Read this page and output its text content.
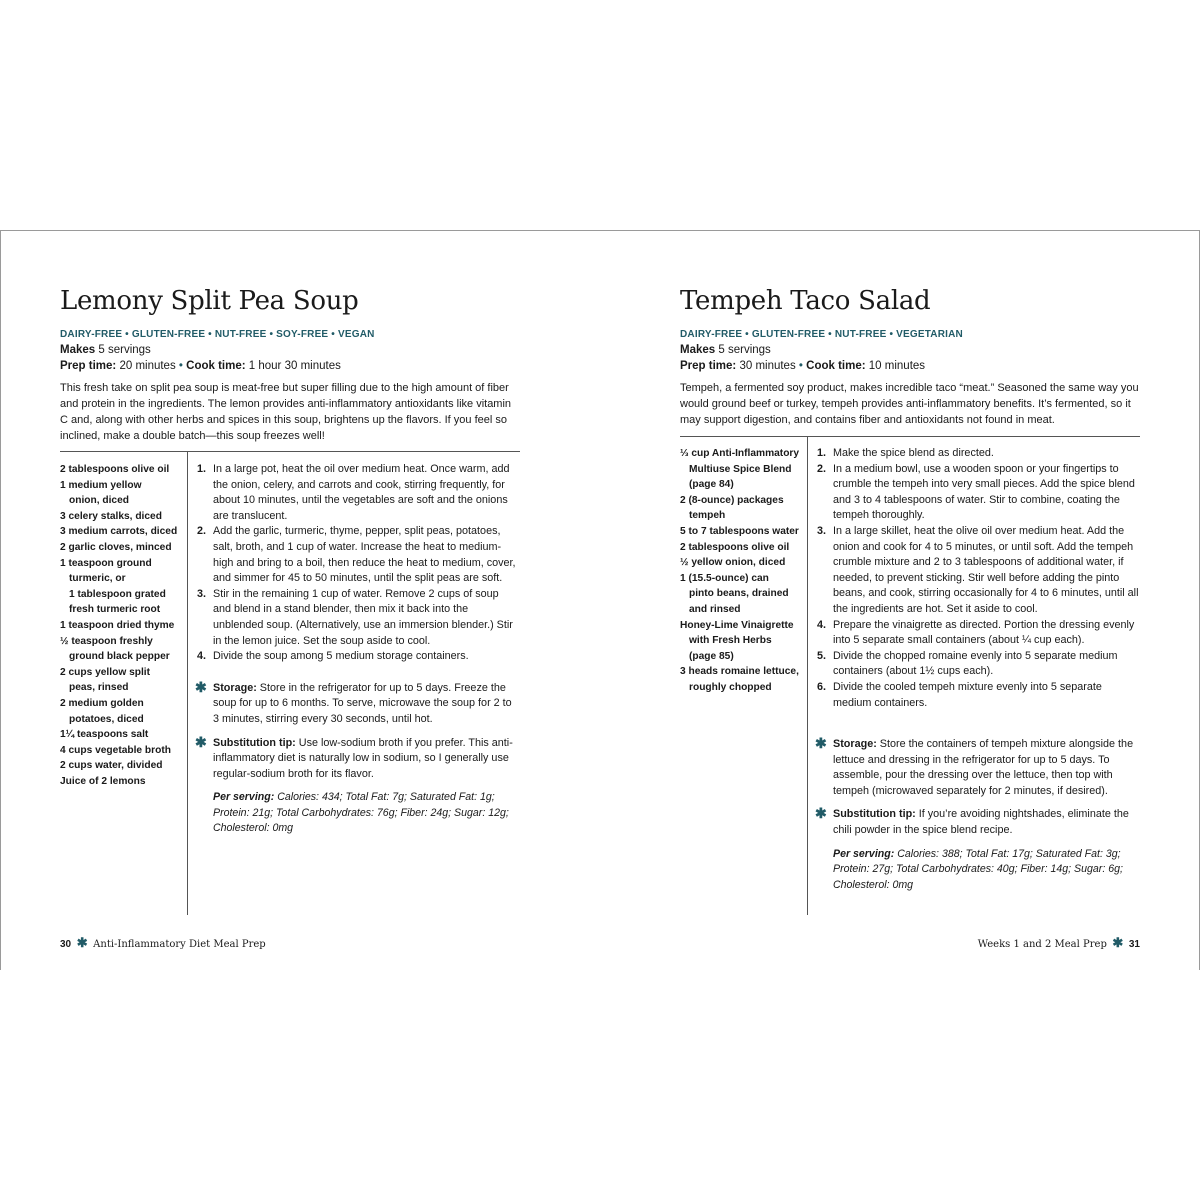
Lemony Split Pea Soup
DAIRY-FREE • GLUTEN-FREE • NUT-FREE • SOY-FREE • VEGAN
Makes 5 servings
Prep time: 20 minutes • Cook time: 1 hour 30 minutes
This fresh take on split pea soup is meat-free but super filling due to the high amount of fiber and protein in the ingredients. The lemon provides anti-inflammatory antioxidants like vitamin C and, along with other herbs and spices in this soup, brightens up the flavors. If you feel so inclined, make a double batch—this soup freezes well!
2 tablespoons olive oil
1 medium yellow
onion, diced
3 celery stalks, diced
3 medium carrots, diced
2 garlic cloves, minced
1 teaspoon ground
turmeric, or
1 tablespoon grated
fresh turmeric root
1 teaspoon dried thyme
½ teaspoon freshly
ground black pepper
2 cups yellow split
peas, rinsed
2 medium golden
potatoes, diced
1¼ teaspoons salt
4 cups vegetable broth
2 cups water, divided
Juice of 2 lemons
1. In a large pot, heat the oil over medium heat. Once warm, add the onion, celery, and carrots and cook, stirring frequently, for about 10 minutes, until the vegetables are soft and the onions are translucent.
2. Add the garlic, turmeric, thyme, pepper, split peas, potatoes, salt, broth, and 1 cup of water. Increase the heat to medium-high and bring to a boil, then reduce the heat to medium, cover, and simmer for 45 to 50 minutes, until the split peas are soft.
3. Stir in the remaining 1 cup of water. Remove 2 cups of soup and blend in a stand blender, then mix it back into the unblended soup. (Alternatively, use an immersion blender.) Stir in the lemon juice. Set the soup aside to cool.
4. Divide the soup among 5 medium storage containers.
✱ Storage: Store in the refrigerator for up to 5 days. Freeze the soup for up to 6 months. To serve, microwave the soup for 2 to 3 minutes, stirring every 30 seconds, until hot.
✱ Substitution tip: Use low-sodium broth if you prefer. This anti-inflammatory diet is naturally low in sodium, so I generally use regular-sodium broth for its flavor.
Per serving: Calories: 434; Total Fat: 7g; Saturated Fat: 1g; Protein: 21g; Total Carbohydrates: 76g; Fiber: 24g; Sugar: 12g; Cholesterol: 0mg
30 ✱ Anti-Inflammatory Diet Meal Prep
Tempeh Taco Salad
DAIRY-FREE • GLUTEN-FREE • NUT-FREE • VEGETARIAN
Makes 5 servings
Prep time: 30 minutes • Cook time: 10 minutes
Tempeh, a fermented soy product, makes incredible taco “meat.” Seasoned the same way you would ground beef or turkey, tempeh provides anti-inflammatory benefits. It’s fermented, so it may support digestion, and contains fiber and antioxidants not found in meat.
⅓ cup Anti-Inflammatory
Multiuse Spice Blend
(page 84)
2 (8-ounce) packages
tempeh
5 to 7 tablespoons water
2 tablespoons olive oil
½ yellow onion, diced
1 (15.5-ounce) can
pinto beans, drained
and rinsed
Honey-Lime Vinaigrette
with Fresh Herbs
(page 85)
3 heads romaine lettuce,
roughly chopped
1. Make the spice blend as directed.
2. In a medium bowl, use a wooden spoon or your fingertips to crumble the tempeh into very small pieces. Add the spice blend and 3 to 4 tablespoons of water. Stir to combine, coating the tempeh thoroughly.
3. In a large skillet, heat the olive oil over medium heat. Add the onion and cook for 4 to 5 minutes, or until soft. Add the tempeh crumble mixture and 2 to 3 tablespoons of additional water, if needed, to prevent sticking. Stir well before adding the pinto beans, and cook, stirring occasionally for 4 to 6 minutes, until all the ingredients are hot. Set it aside to cool.
4. Prepare the vinaigrette as directed. Portion the dressing evenly into 5 separate small containers (about ¼ cup each).
5. Divide the chopped romaine evenly into 5 separate medium containers (about 1½ cups each).
6. Divide the cooled tempeh mixture evenly into 5 separate medium containers.
✱ Storage: Store the containers of tempeh mixture alongside the lettuce and dressing in the refrigerator for up to 5 days. To assemble, pour the dressing over the lettuce, then top with tempeh (microwaved separately for 2 minutes, if desired).
✱ Substitution tip: If you’re avoiding nightshades, eliminate the chili powder in the spice blend recipe.
Per serving: Calories: 388; Total Fat: 17g; Saturated Fat: 3g; Protein: 27g; Total Carbohydrates: 40g; Fiber: 14g; Sugar: 6g; Cholesterol: 0mg
Weeks 1 and 2 Meal Prep ✱ 31
